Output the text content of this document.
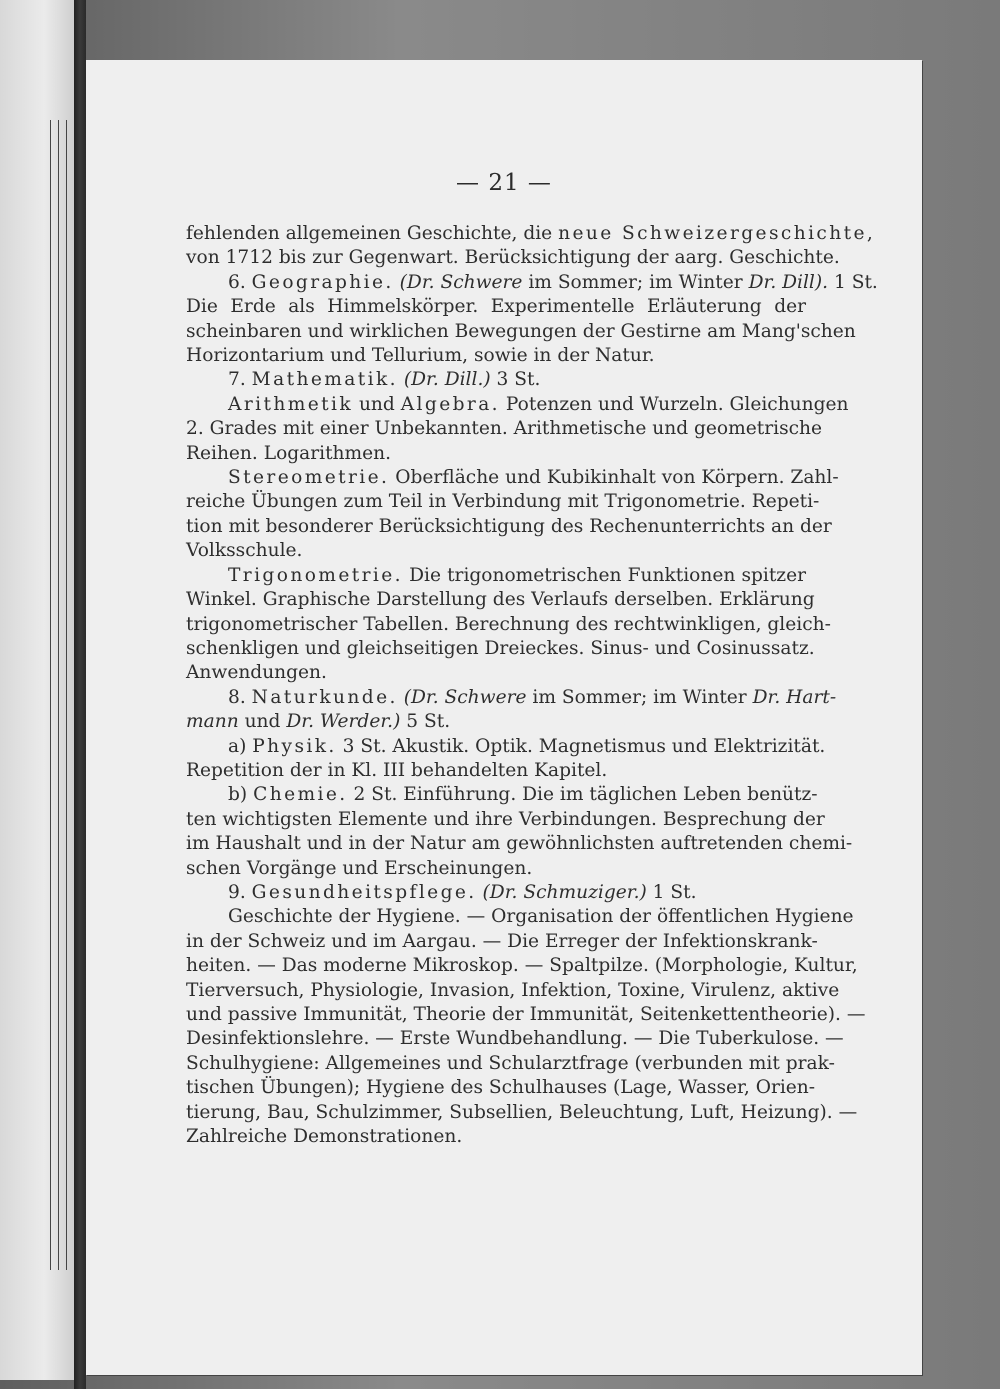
— 21 —
fehlenden allgemeinen Geschichte, die neue Schweizergeschichte,
von 1712 bis zur Gegenwart. Berücksichtigung der aarg. Geschichte.
6. Geographie. (Dr. Schwere im Sommer; im Winter Dr. Dill). 1 St.
Die Erde als Himmelskörper. Experimentelle Erläuterung der
scheinbaren und wirklichen Bewegungen der Gestirne am Mang'schen
Horizontarium und Tellurium, sowie in der Natur.
7. Mathematik. (Dr. Dill.) 3 St.
Arithmetik und Algebra. Potenzen und Wurzeln. Gleichungen
2. Grades mit einer Unbekannten. Arithmetische und geometrische
Reihen. Logarithmen.
Stereometrie. Oberfläche und Kubikinhalt von Körpern. Zahl-
reiche Übungen zum Teil in Verbindung mit Trigonometrie. Repeti-
tion mit besonderer Berücksichtigung des Rechenunterrichts an der
Volksschule.
Trigonometrie. Die trigonometrischen Funktionen spitzer
Winkel. Graphische Darstellung des Verlaufs derselben. Erklärung
trigonometrischer Tabellen. Berechnung des rechtwinkligen, gleich-
schenkligen und gleichseitigen Dreieckes. Sinus- und Cosinussatz.
Anwendungen.
8. Naturkunde. (Dr. Schwere im Sommer; im Winter Dr. Hart-
mann und Dr. Werder.) 5 St.
a) Physik. 3 St. Akustik. Optik. Magnetismus und Elektrizität.
Repetition der in Kl. III behandelten Kapitel.
b) Chemie. 2 St. Einführung. Die im täglichen Leben benütz-
ten wichtigsten Elemente und ihre Verbindungen. Besprechung der
im Haushalt und in der Natur am gewöhnlichsten auftretenden chemi-
schen Vorgänge und Erscheinungen.
9. Gesundheitspflege. (Dr. Schmuziger.) 1 St.
Geschichte der Hygiene. — Organisation der öffentlichen Hygiene
in der Schweiz und im Aargau. — Die Erreger der Infektionskrank-
heiten. — Das moderne Mikroskop. — Spaltpilze. (Morphologie, Kultur,
Tierversuch, Physiologie, Invasion, Infektion, Toxine, Virulenz, aktive
und passive Immunität, Theorie der Immunität, Seitenkettentheorie). —
Desinfektionslehre. — Erste Wundbehandlung. — Die Tuberkulose. —
Schulhygiene: Allgemeines und Schularztfrage (verbunden mit prak-
tischen Übungen); Hygiene des Schulhauses (Lage, Wasser, Orien-
tierung, Bau, Schulzimmer, Subsellien, Beleuchtung, Luft, Heizung). —
Zahlreiche Demonstrationen.
